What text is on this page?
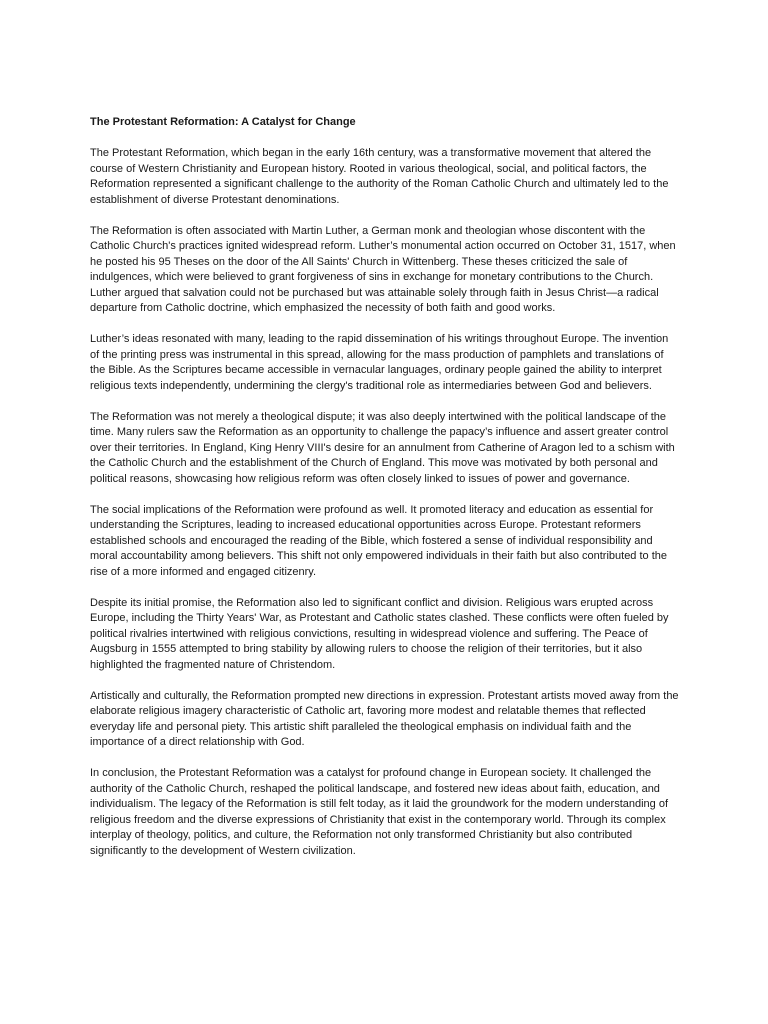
The Protestant Reformation: A Catalyst for Change

The Protestant Reformation, which began in the early 16th century, was a transformative movement that altered the course of Western Christianity and European history. Rooted in various theological, social, and political factors, the Reformation represented a significant challenge to the authority of the Roman Catholic Church and ultimately led to the establishment of diverse Protestant denominations.

The Reformation is often associated with Martin Luther, a German monk and theologian whose discontent with the Catholic Church's practices ignited widespread reform. Luther’s monumental action occurred on October 31, 1517, when he posted his 95 Theses on the door of the All Saints' Church in Wittenberg. These theses criticized the sale of indulgences, which were believed to grant forgiveness of sins in exchange for monetary contributions to the Church. Luther argued that salvation could not be purchased but was attainable solely through faith in Jesus Christ—a radical departure from Catholic doctrine, which emphasized the necessity of both faith and good works.

Luther’s ideas resonated with many, leading to the rapid dissemination of his writings throughout Europe. The invention of the printing press was instrumental in this spread, allowing for the mass production of pamphlets and translations of the Bible. As the Scriptures became accessible in vernacular languages, ordinary people gained the ability to interpret religious texts independently, undermining the clergy's traditional role as intermediaries between God and believers.

The Reformation was not merely a theological dispute; it was also deeply intertwined with the political landscape of the time. Many rulers saw the Reformation as an opportunity to challenge the papacy’s influence and assert greater control over their territories. In England, King Henry VIII's desire for an annulment from Catherine of Aragon led to a schism with the Catholic Church and the establishment of the Church of England. This move was motivated by both personal and political reasons, showcasing how religious reform was often closely linked to issues of power and governance.

The social implications of the Reformation were profound as well. It promoted literacy and education as essential for understanding the Scriptures, leading to increased educational opportunities across Europe. Protestant reformers established schools and encouraged the reading of the Bible, which fostered a sense of individual responsibility and moral accountability among believers. This shift not only empowered individuals in their faith but also contributed to the rise of a more informed and engaged citizenry.

Despite its initial promise, the Reformation also led to significant conflict and division. Religious wars erupted across Europe, including the Thirty Years' War, as Protestant and Catholic states clashed. These conflicts were often fueled by political rivalries intertwined with religious convictions, resulting in widespread violence and suffering. The Peace of Augsburg in 1555 attempted to bring stability by allowing rulers to choose the religion of their territories, but it also highlighted the fragmented nature of Christendom.

Artistically and culturally, the Reformation prompted new directions in expression. Protestant artists moved away from the elaborate religious imagery characteristic of Catholic art, favoring more modest and relatable themes that reflected everyday life and personal piety. This artistic shift paralleled the theological emphasis on individual faith and the importance of a direct relationship with God.

In conclusion, the Protestant Reformation was a catalyst for profound change in European society. It challenged the authority of the Catholic Church, reshaped the political landscape, and fostered new ideas about faith, education, and individualism. The legacy of the Reformation is still felt today, as it laid the groundwork for the modern understanding of religious freedom and the diverse expressions of Christianity that exist in the contemporary world. Through its complex interplay of theology, politics, and culture, the Reformation not only transformed Christianity but also contributed significantly to the development of Western civilization.
